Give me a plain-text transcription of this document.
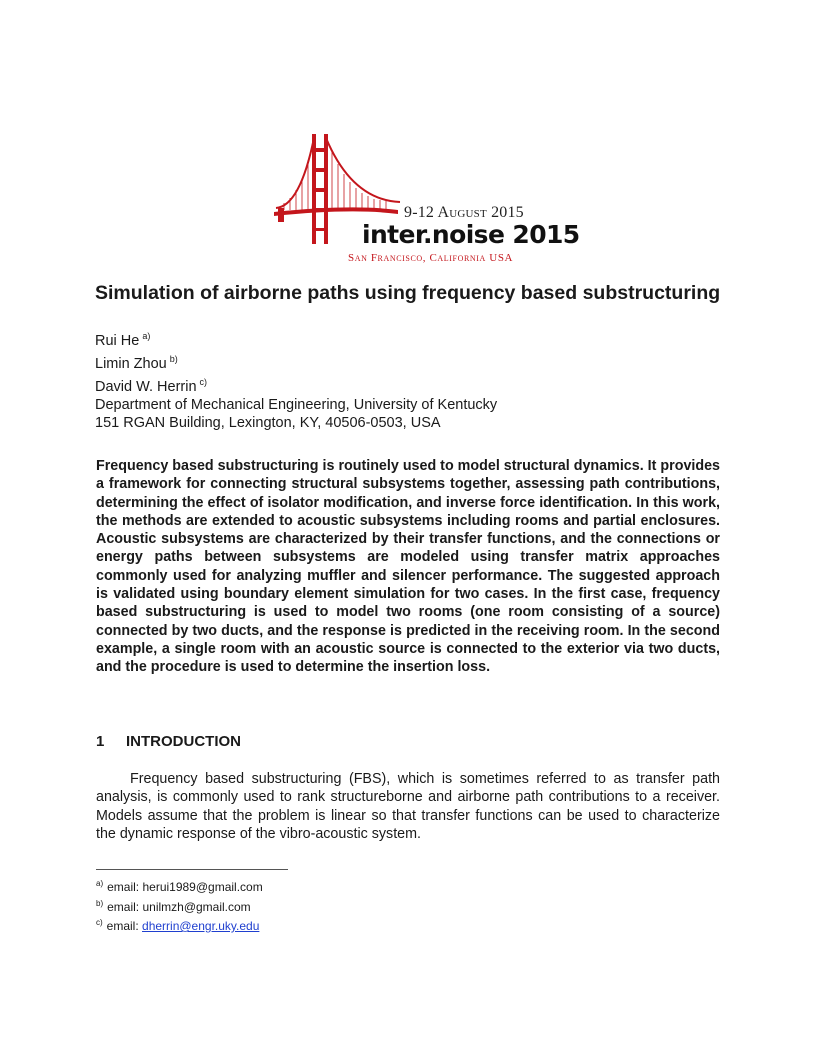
9-12 August 2015
inter.noise 2015
San Francisco, California USA
Simulation of airborne paths using frequency based substructuring
Rui He $^{a)}$
Limin Zhou $^{b)}$
David W. Herrin $^{c)}$
Department of Mechanical Engineering, University of Kentucky
151 RGAN Building, Lexington, KY, 40506-0503, USA
Frequency based substructuring is routinely used to model structural dynamics. It provides a framework for connecting structural subsystems together, assessing path contributions, determining the effect of isolator modification, and inverse force identification. In this work, the methods are extended to acoustic subsystems including rooms and partial enclosures. Acoustic subsystems are characterized by their transfer functions, and the connections or energy paths between subsystems are modeled using transfer matrix approaches commonly used for analyzing muffler and silencer performance. The suggested approach is validated using boundary element simulation for two cases. In the first case, frequency based substructuring is used to model two rooms (one room consisting of a source) connected by two ducts, and the response is predicted in the receiving room. In the second example, a single room with an acoustic source is connected to the exterior via two ducts, and the procedure is used to determine the insertion loss.
1 INTRODUCTION
Frequency based substructuring (FBS), which is sometimes referred to as transfer path analysis, is commonly used to rank structureborne and airborne path contributions to a receiver. Models assume that the problem is linear so that transfer functions can be used to characterize the dynamic response of the vibro-acoustic system.
$^{a)}$ email: herui1989@gmail.com
$^{b)}$ email: unilmzh@gmail.com
$^{c)}$ email: dherrin@engr.uky.edu
